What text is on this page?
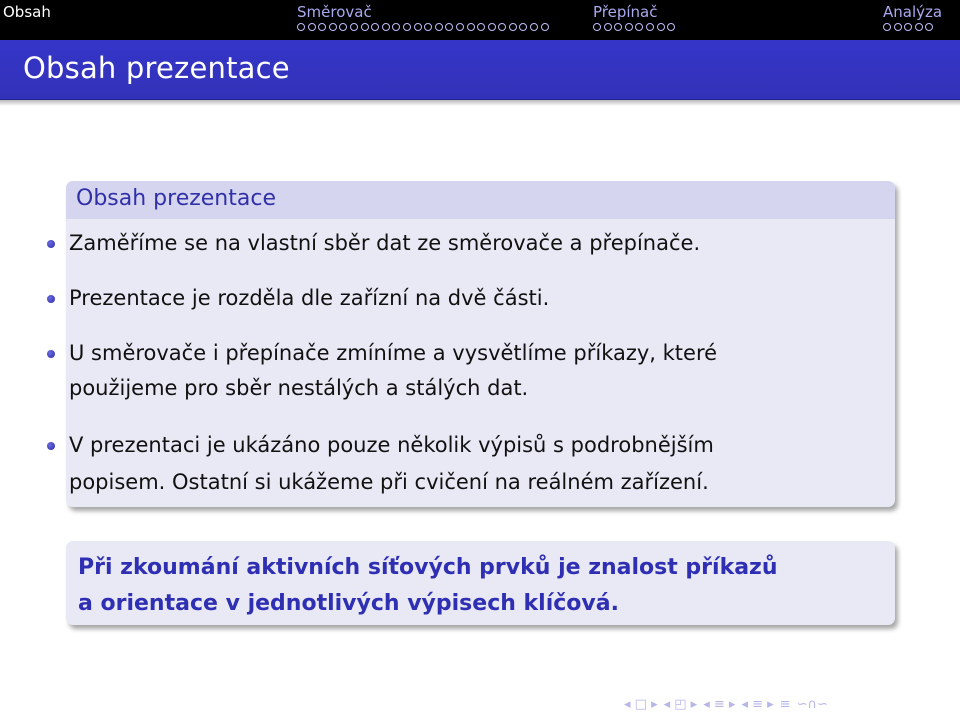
Obsah	Směrovač	Přepínač	Analýza
Obsah prezentace
Obsah prezentace
Zaměříme se na vlastní sběr dat ze směrovače a přepínače.
Prezentace je rozděla dle zařízní na dvě části.
U směrovače i přepínače zmíníme a vysvětlíme příkazy, které
použijeme pro sběr nestálých a stálých dat.
V prezentaci je ukázáno pouze několik výpisů s podrobnějším
popisem. Ostatní si ukážeme při cvičení na reálném zařízení.
Při zkoumání aktivních síťových prvků je znalost příkazů
a orientace v jednotlivých výpisech klíčová.
◂ □ ▸ ◂ ◰ ▸ ◂ ≡ ▸ ◂ ≡ ▸ ≡ ∽∩∽
